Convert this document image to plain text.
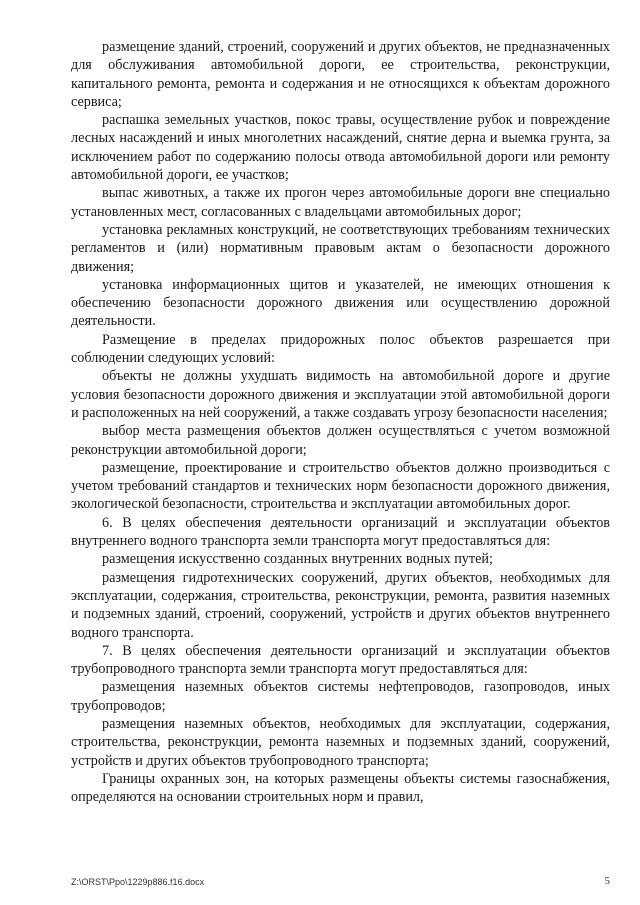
размещение зданий, строений, сооружений и других объектов, не предназначенных для обслуживания автомобильной дороги, ее строительства, реконструкции, капитального ремонта, ремонта и содержания и не относящихся к объектам дорожного сервиса;

распашка земельных участков, покос травы, осуществление рубок и повреждение лесных насаждений и иных многолетних насаждений, снятие дерна и выемка грунта, за исключением работ по содержанию полосы отвода автомобильной дороги или ремонту автомобильной дороги, ее участков;

выпас животных, а также их прогон через автомобильные дороги вне специально установленных мест, согласованных с владельцами автомобильных дорог;

установка рекламных конструкций, не соответствующих требованиям технических регламентов и (или) нормативным правовым актам о безопасности дорожного движения;

установка информационных щитов и указателей, не имеющих отношения к обеспечению безопасности дорожного движения или осуществлению дорожной деятельности.

Размещение в пределах придорожных полос объектов разрешается при соблюдении следующих условий:

объекты не должны ухудшать видимость на автомобильной дороге и другие условия безопасности дорожного движения и эксплуатации этой автомобильной дороги и расположенных на ней сооружений, а также создавать угрозу безопасности населения;

выбор места размещения объектов должен осуществляться с учетом возможной реконструкции автомобильной дороги;

размещение, проектирование и строительство объектов должно производиться с учетом требований стандартов и технических норм безопасности дорожного движения, экологической безопасности, строительства и эксплуатации автомобильных дорог.

6. В целях обеспечения деятельности организаций и эксплуатации объектов внутреннего водного транспорта земли транспорта могут предоставляться для:

размещения искусственно созданных внутренних водных путей;

размещения гидротехнических сооружений, других объектов, необходимых для эксплуатации, содержания, строительства, реконструкции, ремонта, развития наземных и подземных зданий, строений, сооружений, устройств и других объектов внутреннего водного транспорта.

7. В целях обеспечения деятельности организаций и эксплуатации объектов трубопроводного транспорта земли транспорта могут предоставляться для:

размещения наземных объектов системы нефтепроводов, газопроводов, иных трубопроводов;

размещения наземных объектов, необходимых для эксплуатации, содержания, строительства, реконструкции, ремонта наземных и подземных зданий, сооружений, устройств и других объектов трубопроводного транспорта;

Границы охранных зон, на которых размещены объекты системы газоснабжения, определяются на основании строительных норм и правил,

Z:\ORST\Ppo\1229p886.f16.docx	5
